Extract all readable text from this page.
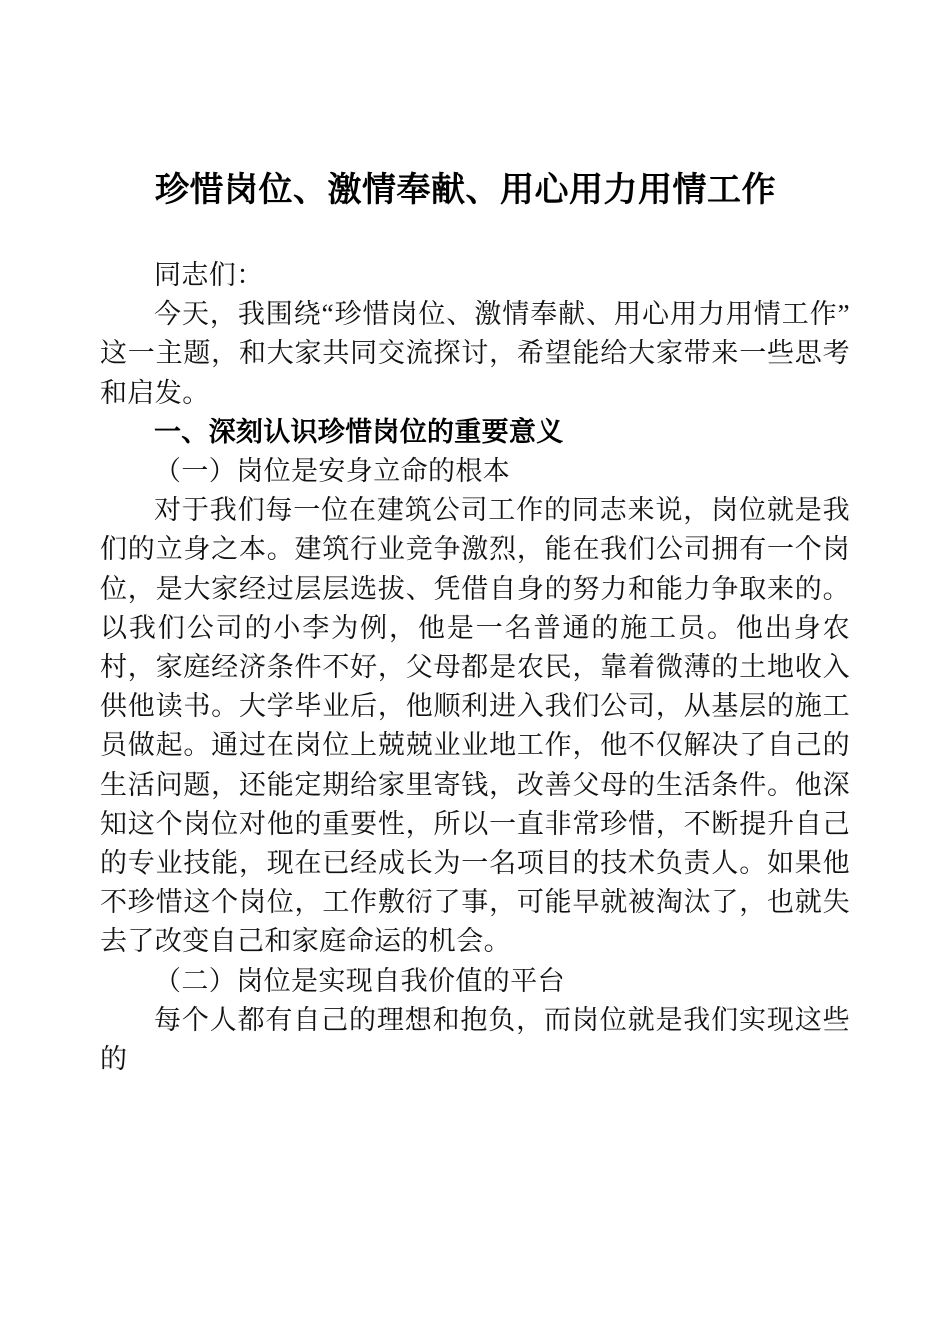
珍惜岗位、激情奉献、用心用力用情工作

同志们：

今天，我围绕“珍惜岗位、激情奉献、用心用力用情工作”这一主题，和大家共同交流探讨，希望能给大家带来一些思考和启发。

一、深刻认识珍惜岗位的重要意义

（一）岗位是安身立命的根本

对于我们每一位在建筑公司工作的同志来说，岗位就是我们的立身之本。建筑行业竞争激烈，能在我们公司拥有一个岗位，是大家经过层层选拔、凭借自身的努力和能力争取来的。以我们公司的小李为例，他是一名普通的施工员。他出身农村，家庭经济条件不好，父母都是农民，靠着微薄的土地收入供他读书。大学毕业后，他顺利进入我们公司，从基层的施工员做起。通过在岗位上兢兢业业地工作，他不仅解决了自己的生活问题，还能定期给家里寄钱，改善父母的生活条件。他深知这个岗位对他的重要性，所以一直非常珍惜，不断提升自己的专业技能，现在已经成长为一名项目的技术负责人。如果他不珍惜这个岗位，工作敷衍了事，可能早就被淘汰了，也就失去了改变自己和家庭命运的机会。

（二）岗位是实现自我价值的平台

每个人都有自己的理想和抱负，而岗位就是我们实现这些的
